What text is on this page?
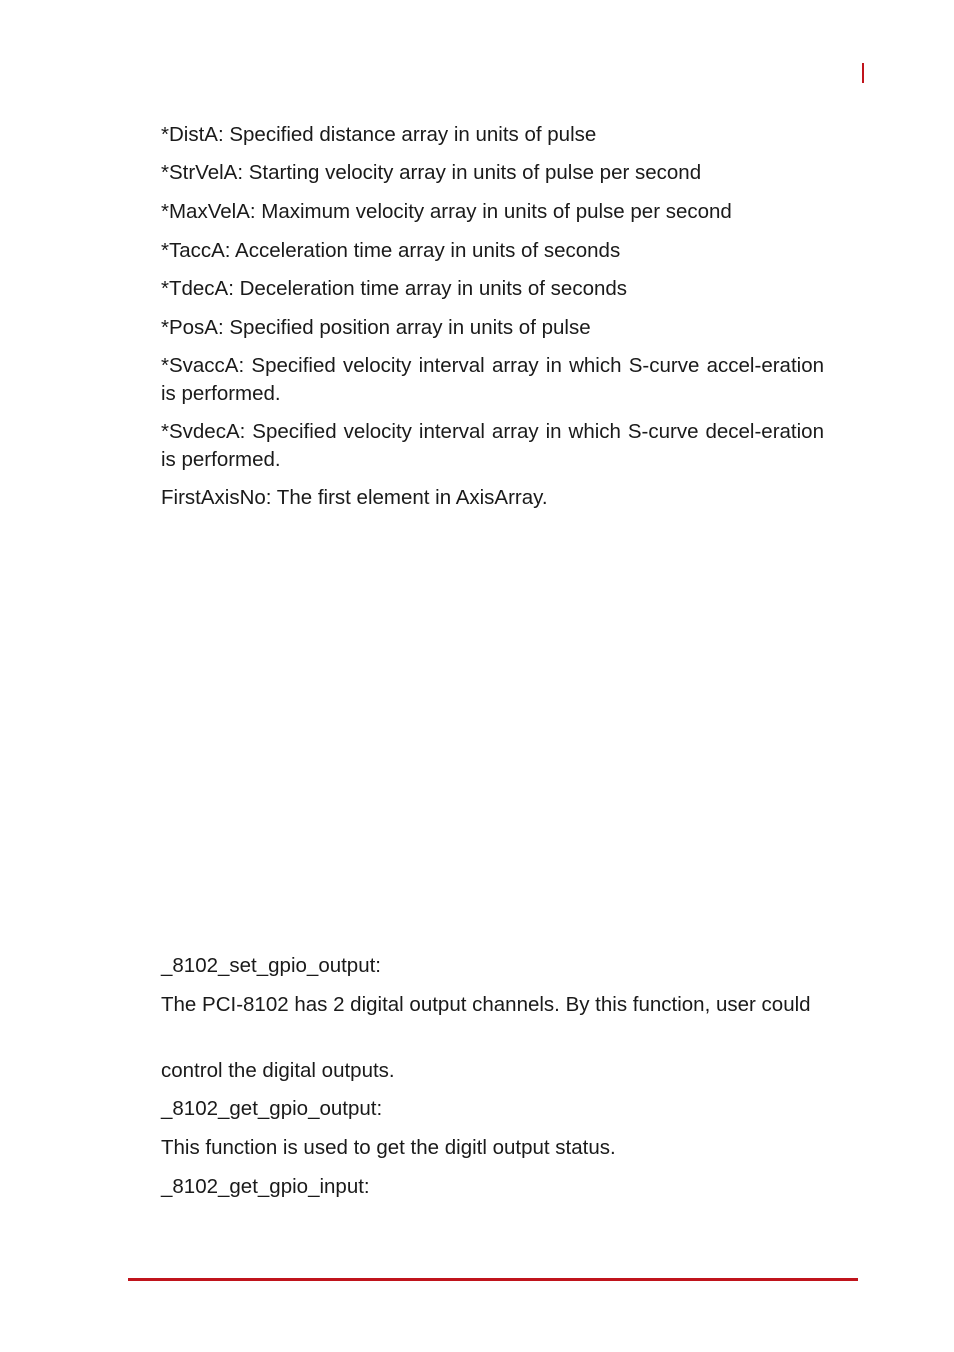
*DistA: Specified distance array in units of pulse
*StrVelA: Starting velocity array in units of pulse per second
*MaxVelA: Maximum velocity array in units of pulse per second
*TaccA: Acceleration time array in units of seconds
*TdecA: Deceleration time array in units of seconds
*PosA: Specified position array in units of pulse
*SvaccA: Specified velocity interval array in which S-curve accel-eration is performed.
*SvdecA: Specified velocity interval array in which S-curve decel-eration is performed.
FirstAxisNo: The first element in AxisArray.
_8102_set_gpio_output:
The PCI-8102 has 2 digital output channels. By this function, user could
control the digital outputs.
_8102_get_gpio_output:
This function is used to get the digitl output status.
_8102_get_gpio_input:
